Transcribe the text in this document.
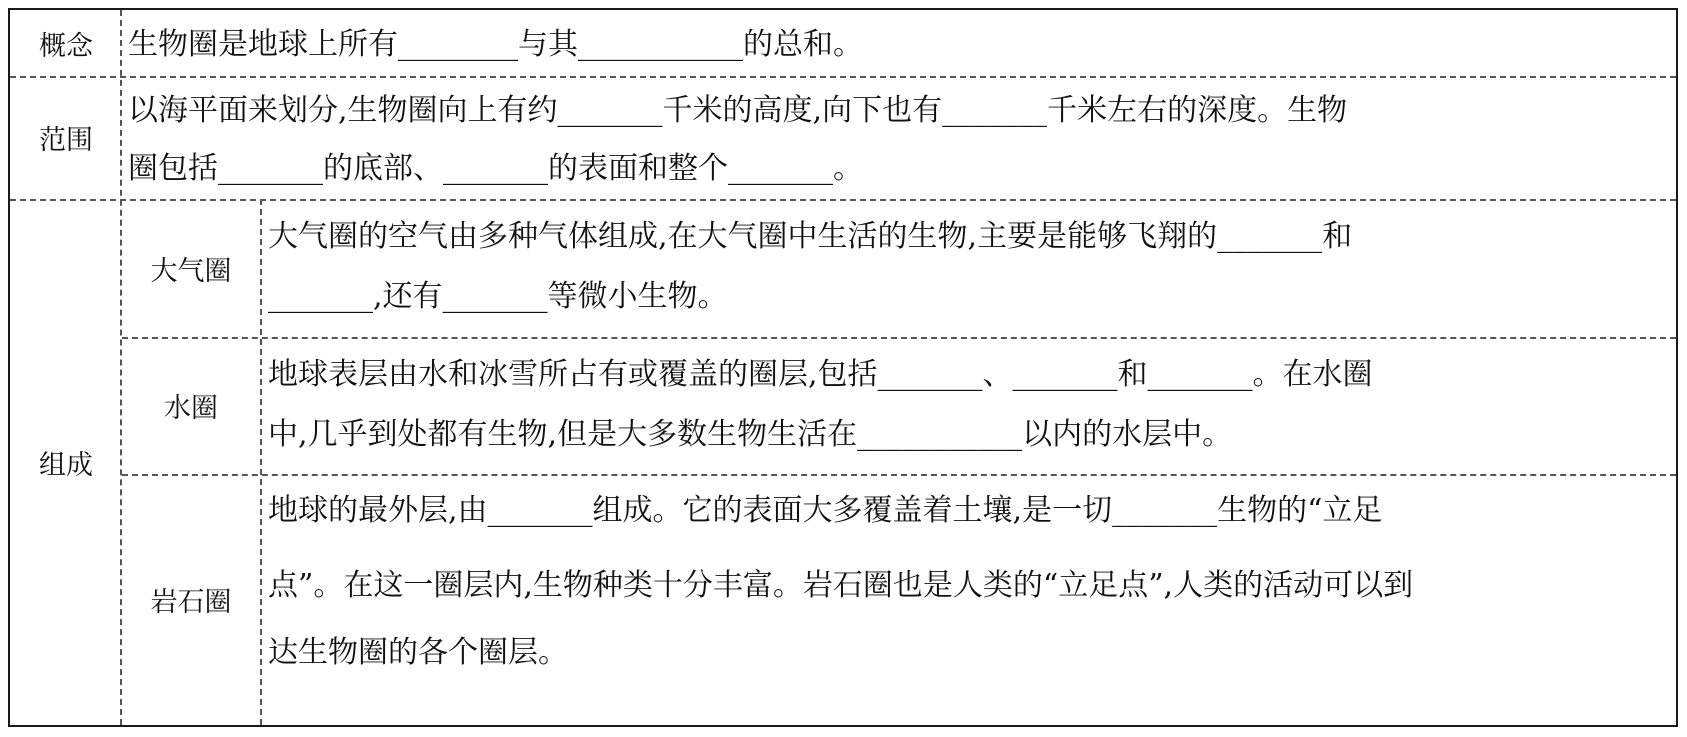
概念	生物圈是地球上所有________与其___________的总和。
范围
以海平面来划分,生物圈向上有约_______千米的高度,向下也有_______千米左右的深度。生物
圈包括_______的底部、_______的表面和整个_______。
组成
大气圈
大气圈的空气由多种气体组成,在大气圈中生活的生物,主要是能够飞翔的_______和
_______,还有_______等微小生物。
水圈
地球表层由水和冰雪所占有或覆盖的圈层,包括_______、_______和_______。在水圈
中,几乎到处都有生物,但是大多数生物生活在___________以内的水层中。
岩石圈
地球的最外层,由_______组成。它的表面大多覆盖着土壤,是一切_______生物的“立足
点”。在这一圈层内,生物种类十分丰富。岩石圈也是人类的“立足点”,人类的活动可以到
达生物圈的各个圈层。
